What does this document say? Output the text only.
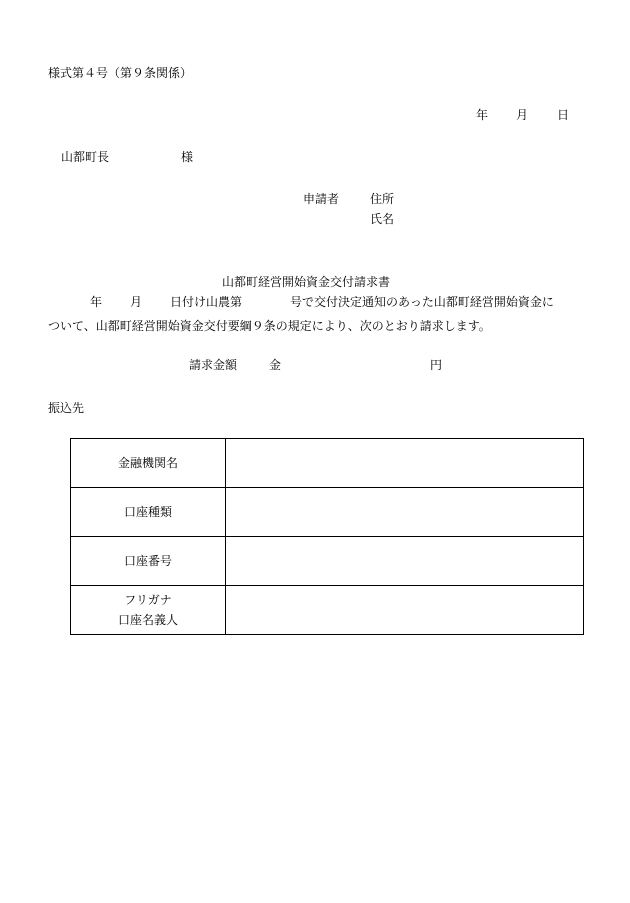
様式第４号（第９条関係）
年 月 日
山都町長	様
申請者	住所
氏名
山都町経営開始資金交付請求書
年 月 日付け山農第	号で交付決定通知のあった山都町経営開始資金に
ついて、山都町経営開始資金交付要綱９条の規定により、次のとおり請求します。
請求金額	金	円
振込先
金融機関名	

口座種類	

口座番号	

フリガナ
口座名義人	
